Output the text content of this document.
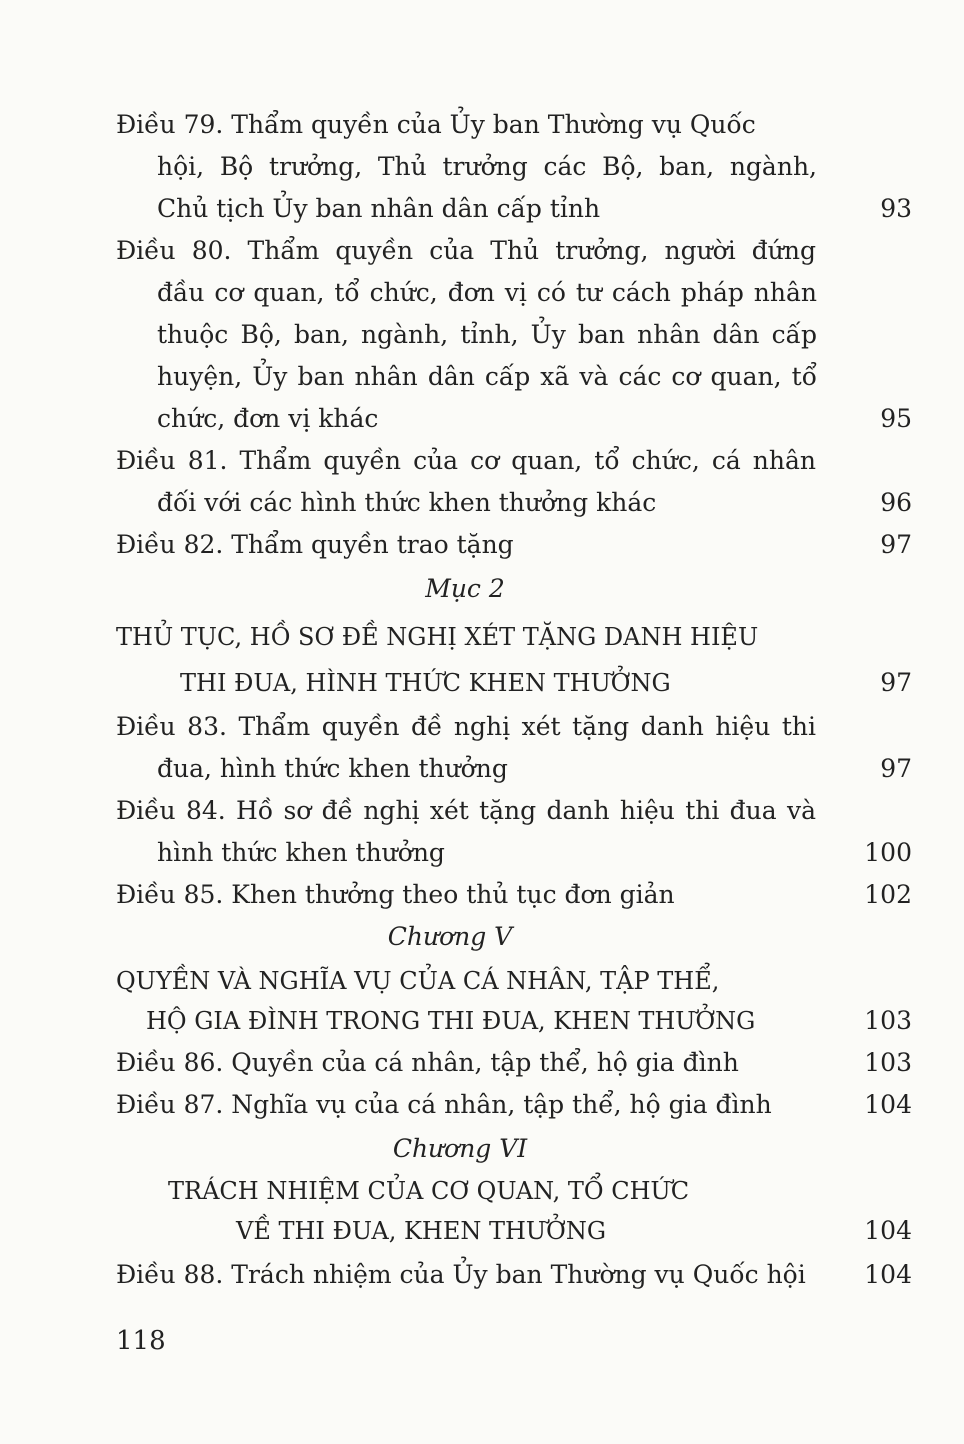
Điều 79. Thẩm quyền của Ủy ban Thường vụ Quốc
hội, Bộ trưởng, Thủ trưởng các Bộ, ban, ngành,
Chủ tịch Ủy ban nhân dân cấp tỉnh	93
Điều 80. Thẩm quyền của Thủ trưởng, người đứng
đầu cơ quan, tổ chức, đơn vị có tư cách pháp nhân
thuộc Bộ, ban, ngành, tỉnh, Ủy ban nhân dân cấp
huyện, Ủy ban nhân dân cấp xã và các cơ quan, tổ
chức, đơn vị khác	95
Điều 81. Thẩm quyền của cơ quan, tổ chức, cá nhân
đối với các hình thức khen thưởng khác	96
Điều 82. Thẩm quyền trao tặng	97
Mục 2
THỦ TỤC, HỒ SƠ ĐỀ NGHỊ XÉT TẶNG DANH HIỆU
THI ĐUA, HÌNH THỨC KHEN THƯỞNG	97
Điều 83. Thẩm quyền đề nghị xét tặng danh hiệu thi
đua, hình thức khen thưởng	97
Điều 84. Hồ sơ đề nghị xét tặng danh hiệu thi đua và
hình thức khen thưởng	100
Điều 85. Khen thưởng theo thủ tục đơn giản	102
Chương V
QUYỀN VÀ NGHĨA VỤ CỦA CÁ NHÂN, TẬP THỂ,
HỘ GIA ĐÌNH TRONG THI ĐUA, KHEN THƯỞNG	103
Điều 86. Quyền của cá nhân, tập thể, hộ gia đình	103
Điều 87. Nghĩa vụ của cá nhân, tập thể, hộ gia đình	104
Chương VI
TRÁCH NHIỆM CỦA CƠ QUAN, TỔ CHỨC
VỀ THI ĐUA, KHEN THƯỞNG	104
Điều 88. Trách nhiệm của Ủy ban Thường vụ Quốc hội 104
118
